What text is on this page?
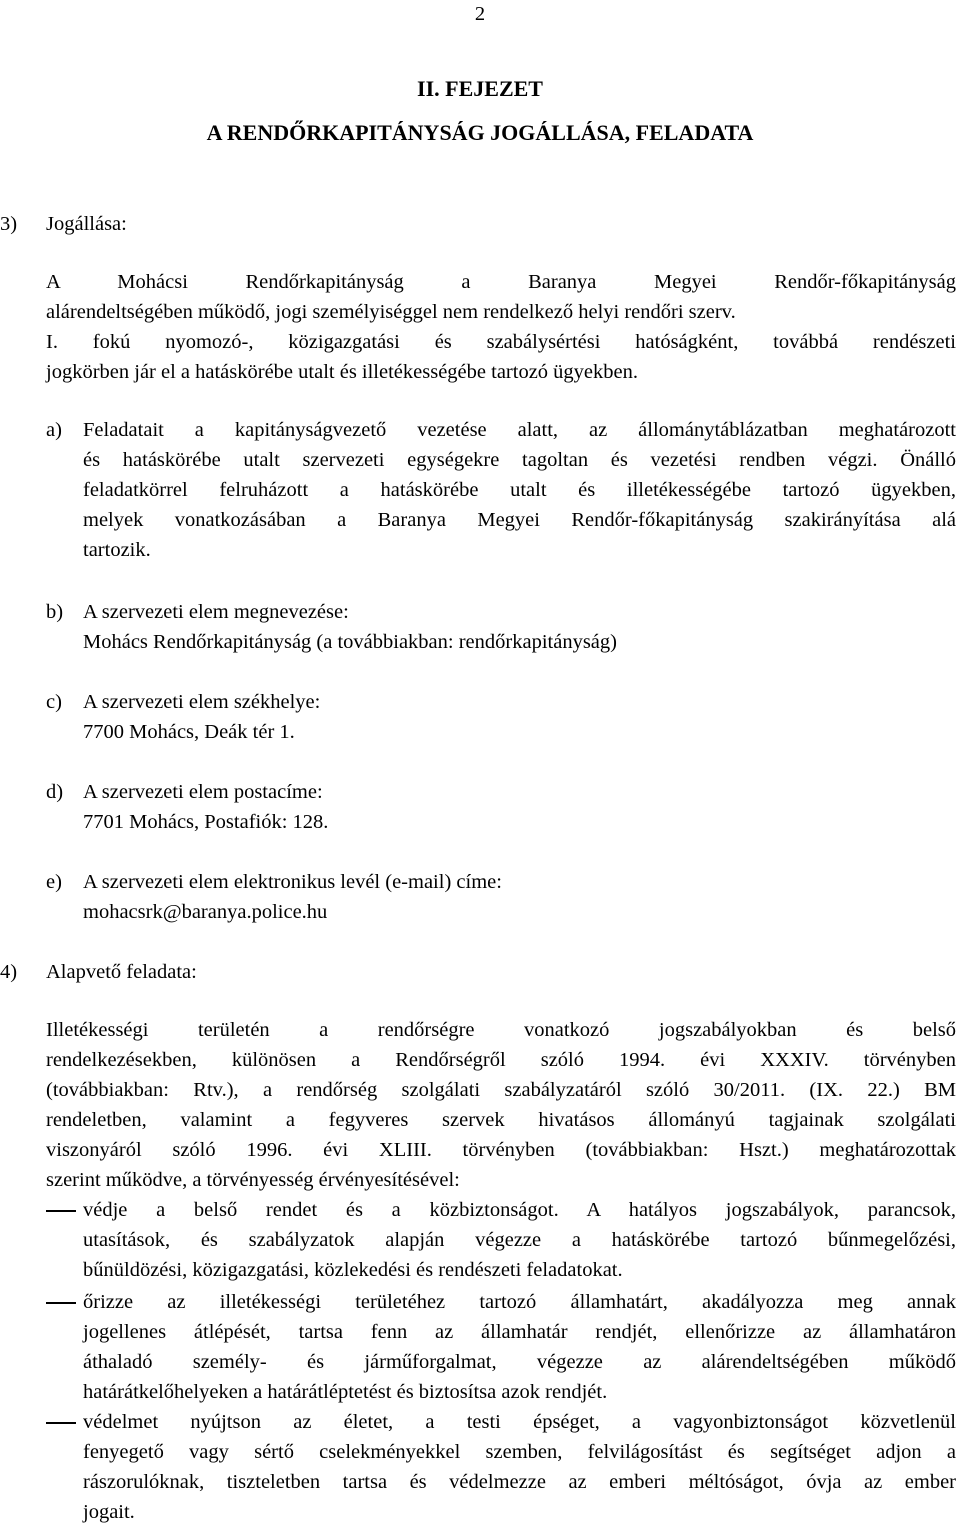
2
II. FEJEZET
A RENDŐRKAPITÁNYSÁG JOGÁLLÁSA, FELADATA
3) Jogállása:
A Mohácsi Rendőrkapitányság a Baranya Megyei Rendőr-főkapitányság
alárendeltségében működő, jogi személyiséggel nem rendelkező helyi rendőri szerv.
I. fokú nyomozó-, közigazgatási és szabálysértési hatóságként, továbbá rendészeti
jogkörben jár el a hatáskörébe utalt és illetékességébe tartozó ügyekben.
a) Feladatait a kapitányságvezető vezetése alatt, az állománytáblázatban meghatározott
és hatáskörébe utalt szervezeti egységekre tagoltan és vezetési rendben végzi. Önálló
feladatkörrel felruházott a hatáskörébe utalt és illetékességébe tartozó ügyekben,
melyek vonatkozásában a Baranya Megyei Rendőr-főkapitányság szakirányítása alá
tartozik.
b) A szervezeti elem megnevezése:
Mohács Rendőrkapitányság (a továbbiakban: rendőrkapitányság)
c) A szervezeti elem székhelye:
7700 Mohács, Deák tér 1.
d) A szervezeti elem postacíme:
7701 Mohács, Postafiók: 128.
e) A szervezeti elem elektronikus levél (e-mail) címe:
mohacsrk@baranya.police.hu
4) Alapvető feladata:
Illetékességi területén a rendőrségre vonatkozó jogszabályokban és belső
rendelkezésekben, különösen a Rendőrségről szóló 1994. évi XXXIV. törvényben
(továbbiakban: Rtv.), a rendőrség szolgálati szabályzatáról szóló 30/2011. (IX. 22.) BM
rendeletben, valamint a fegyveres szervek hivatásos állományú tagjainak szolgálati
viszonyáról szóló 1996. évi XLIII. törvényben (továbbiakban: Hszt.) meghatározottak
szerint működve, a törvényesség érvényesítésével:
védje a belső rendet és a közbiztonságot. A hatályos jogszabályok, parancsok,
utasítások, és szabályzatok alapján végezze a hatáskörébe tartozó bűnmegelőzési,
bűnüldözési, közigazgatási, közlekedési és rendészeti feladatokat.
őrizze az illetékességi területéhez tartozó államhatárt, akadályozza meg annak
jogellenes átlépését, tartsa fenn az államhatár rendjét, ellenőrizze az államhatáron
áthaladó személy- és járműforgalmat, végezze az alárendeltségében működő
határátkelőhelyeken a határátléptetést és biztosítsa azok rendjét.
védelmet nyújtson az életet, a testi épséget, a vagyonbiztonságot közvetlenül
fenyegető vagy sértő cselekményekkel szemben, felvilágosítást és segítséget adjon a
rászorulóknak, tiszteletben tartsa és védelmezze az emberi méltóságot, óvja az ember
jogait.
